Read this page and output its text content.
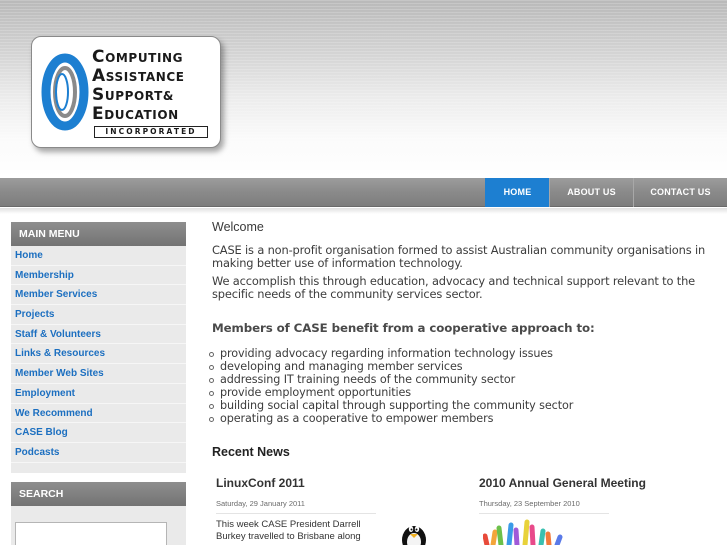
COMPUTING
ASSISTANCE
SUPPORT&
EDUCATION
INCORPORATED
HOME	ABOUT US	CONTACT US
MAIN MENU
Home
Membership
Member Services
Projects
Staff & Volunteers
Links & Resources
Member Web Sites
Employment
We Recommend
CASE Blog
Podcasts
SEARCH
Welcome
CASE is a non-profit organisation formed to assist Australian community organisations in making better use of information technology.
We accomplish this through education, advocacy and technical support relevant to the specific needs of the community services sector.
Members of CASE benefit from a cooperative approach to:
providing advocacy regarding information technology issues
developing and managing member services
addressing IT training needs of the community sector
provide employment opportunities
building social capital through supporting the community sector
operating as a cooperative to empower members
Recent News
LinuxConf 2011
Saturday, 29 January 2011
This week CASE President Darrell
Burkey travelled to Brisbane along
2010 Annual General Meeting
Thursday, 23 September 2010
